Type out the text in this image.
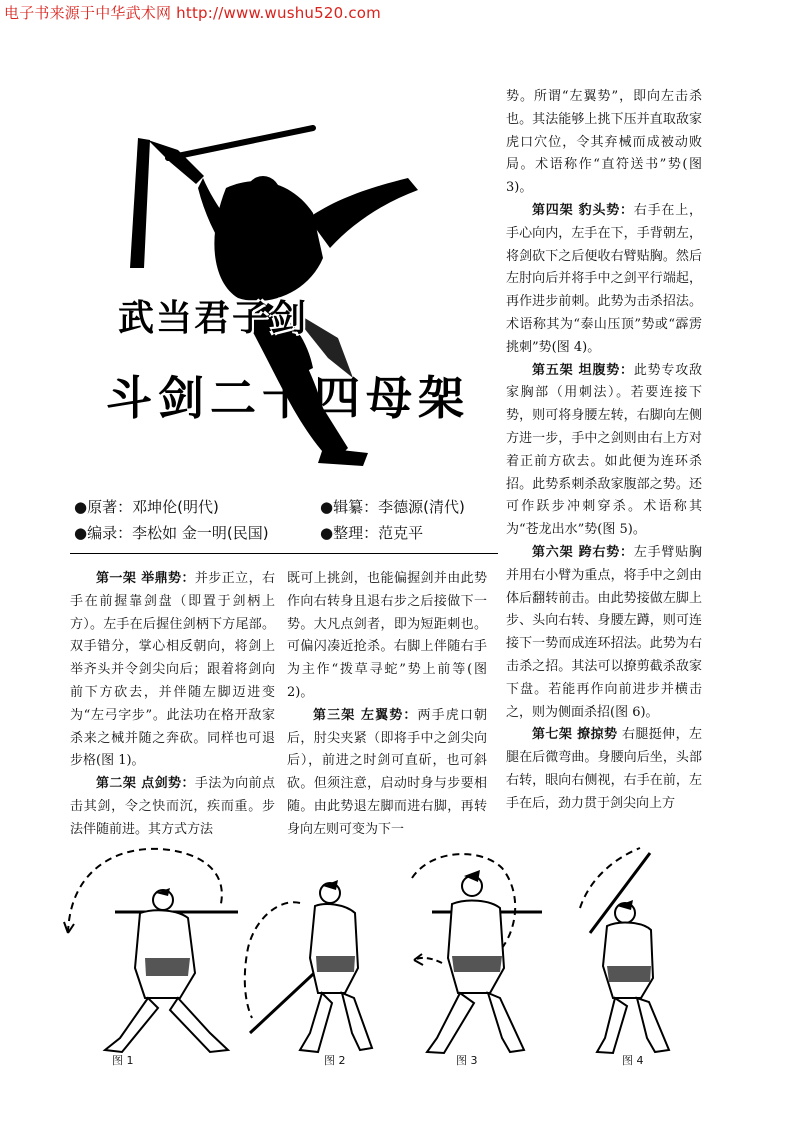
电子书来源于中华武术网 http://www.wushu520.com
武当君子剑
斗剑二十四母架
●原著：邓坤伦(明代)	●辑纂：李德源(清代)
●编录：李松如 金一明(民国)	●整理：范克平

第一架 举鼎势：并步正立，右手在前握靠剑盘（即置于剑柄上方）。左手在后握住剑柄下方尾部。双手错分，掌心相反朝向，将剑上举齐头并令剑尖向后；跟着将剑向前下方砍去，并伴随左脚迈进变为“左弓字步”。此法功在格开敌家杀来之械并随之奔砍。同样也可退步格(图 1)。

第二架 点剑势：手法为向前点击其剑，令之快而沉，疾而重。步法伴随前进。其方式方法

既可上挑剑，也能偏握剑并由此势作向右转身且退右步之后接做下一势。大凡点剑者，即为短距刺也。可偏闪凑近抢杀。右脚上伴随右手为主作“拨草寻蛇”势上前等(图 2)。

第三架 左翼势：两手虎口朝后，肘尖夹紧（即将手中之剑尖向后），前进之时剑可直斫，也可斜砍。但须注意，启动时身与步要相随。由此势退左脚而进右脚，再转身向左则可变为下一

势。所谓“左翼势”，即向左击杀也。其法能够上挑下压并直取敌家虎口穴位，令其弃械而成被动败局。术语称作“直符送书”势(图 3)。

第四架 豹头势：右手在上，手心向内，左手在下，手背朝左，将剑砍下之后便收右臂贴胸。然后左肘向后并将手中之剑平行端起，再作进步前刺。此势为击杀招法。术语称其为“泰山压顶”势或“霹雳挑刺”势(图 4)。

第五架 坦腹势：此势专攻敌家胸部（用刺法）。若要连接下势，则可将身腰左转，右脚向左侧方进一步，手中之剑则由右上方对着正前方砍去。如此便为连环杀招。此势系刺杀敌家腹部之势。还可作跃步冲刺穿杀。术语称其为“苍龙出水”势(图 5)。

第六架 跨右势：左手臂贴胸并用右小臂为重点，将手中之剑由体后翻转前击。由此势接做左脚上步、头向右转、身腰左蹲，则可连接下一势而成连环招法。此势为右击杀之招。其法可以撩剪截杀敌家下盘。若能再作向前进步并横击之，则为侧面杀招(图 6)。

第七架 撩掠势 右腿挺伸，左腿在后微弯曲。身腰向后坐，头部右转，眼向右侧视，右手在前，左手在后，劲力贯于剑尖向上方

图 1	图 2	图 3	图 4
